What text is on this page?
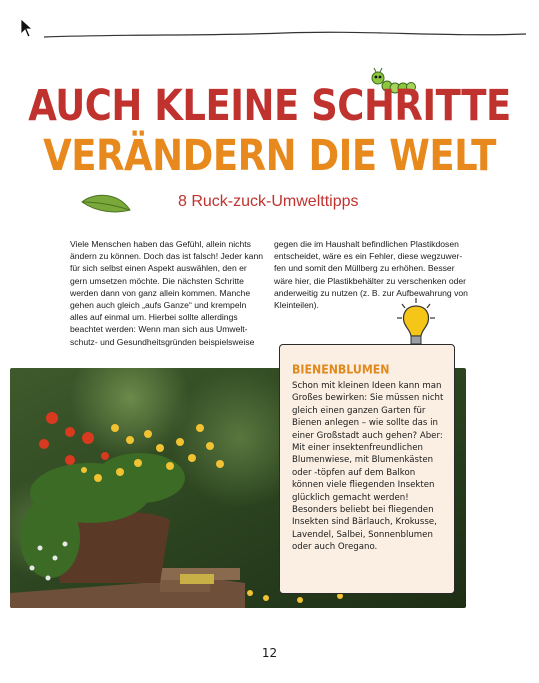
AUCH KLEINE SCHRITTE
VERÄNDERN DIE WELT
8 Ruck-zuck-Umwelttipps

Viele Menschen haben das Gefühl, allein nichts ändern zu können. Doch das ist falsch! Jeder kann für sich selbst einen Aspekt auswählen, den er gern umsetzen möchte. Die nächsten Schritte werden dann von ganz allein kommen. Manche gehen auch gleich „aufs Ganze“ und krempeln alles auf einmal um. Hierbei sollte allerdings beachtet werden: Wenn man sich aus Umweltschutz- und Gesundheitsgründen beispielsweise

gegen die im Haushalt befindlichen Plastikdosen entscheidet, wäre es ein Fehler, diese wegzuwerfen und somit den Müllberg zu erhöhen. Besser wäre hier, die Plastikbehälter zu verschenken oder anderweitig zu nutzen (z. B. zur Aufbewahrung von Kleinteilen).

BIENENBLUMEN

Schon mit kleinen Ideen kann man Großes bewirken: Sie müssen nicht gleich einen ganzen Garten für Bienen anlegen – wie sollte das in einer Großstadt auch gehen? Aber: Mit einer insektenfreundlichen Blumenwiese, mit Blumenkästen oder -töpfen auf dem Balkon können viele fliegenden Insekten glücklich gemacht werden! Besonders beliebt bei fliegenden Insekten sind Bärlauch, Krokusse, Lavendel, Salbei, Sonnenblumen oder auch Oregano.

12
